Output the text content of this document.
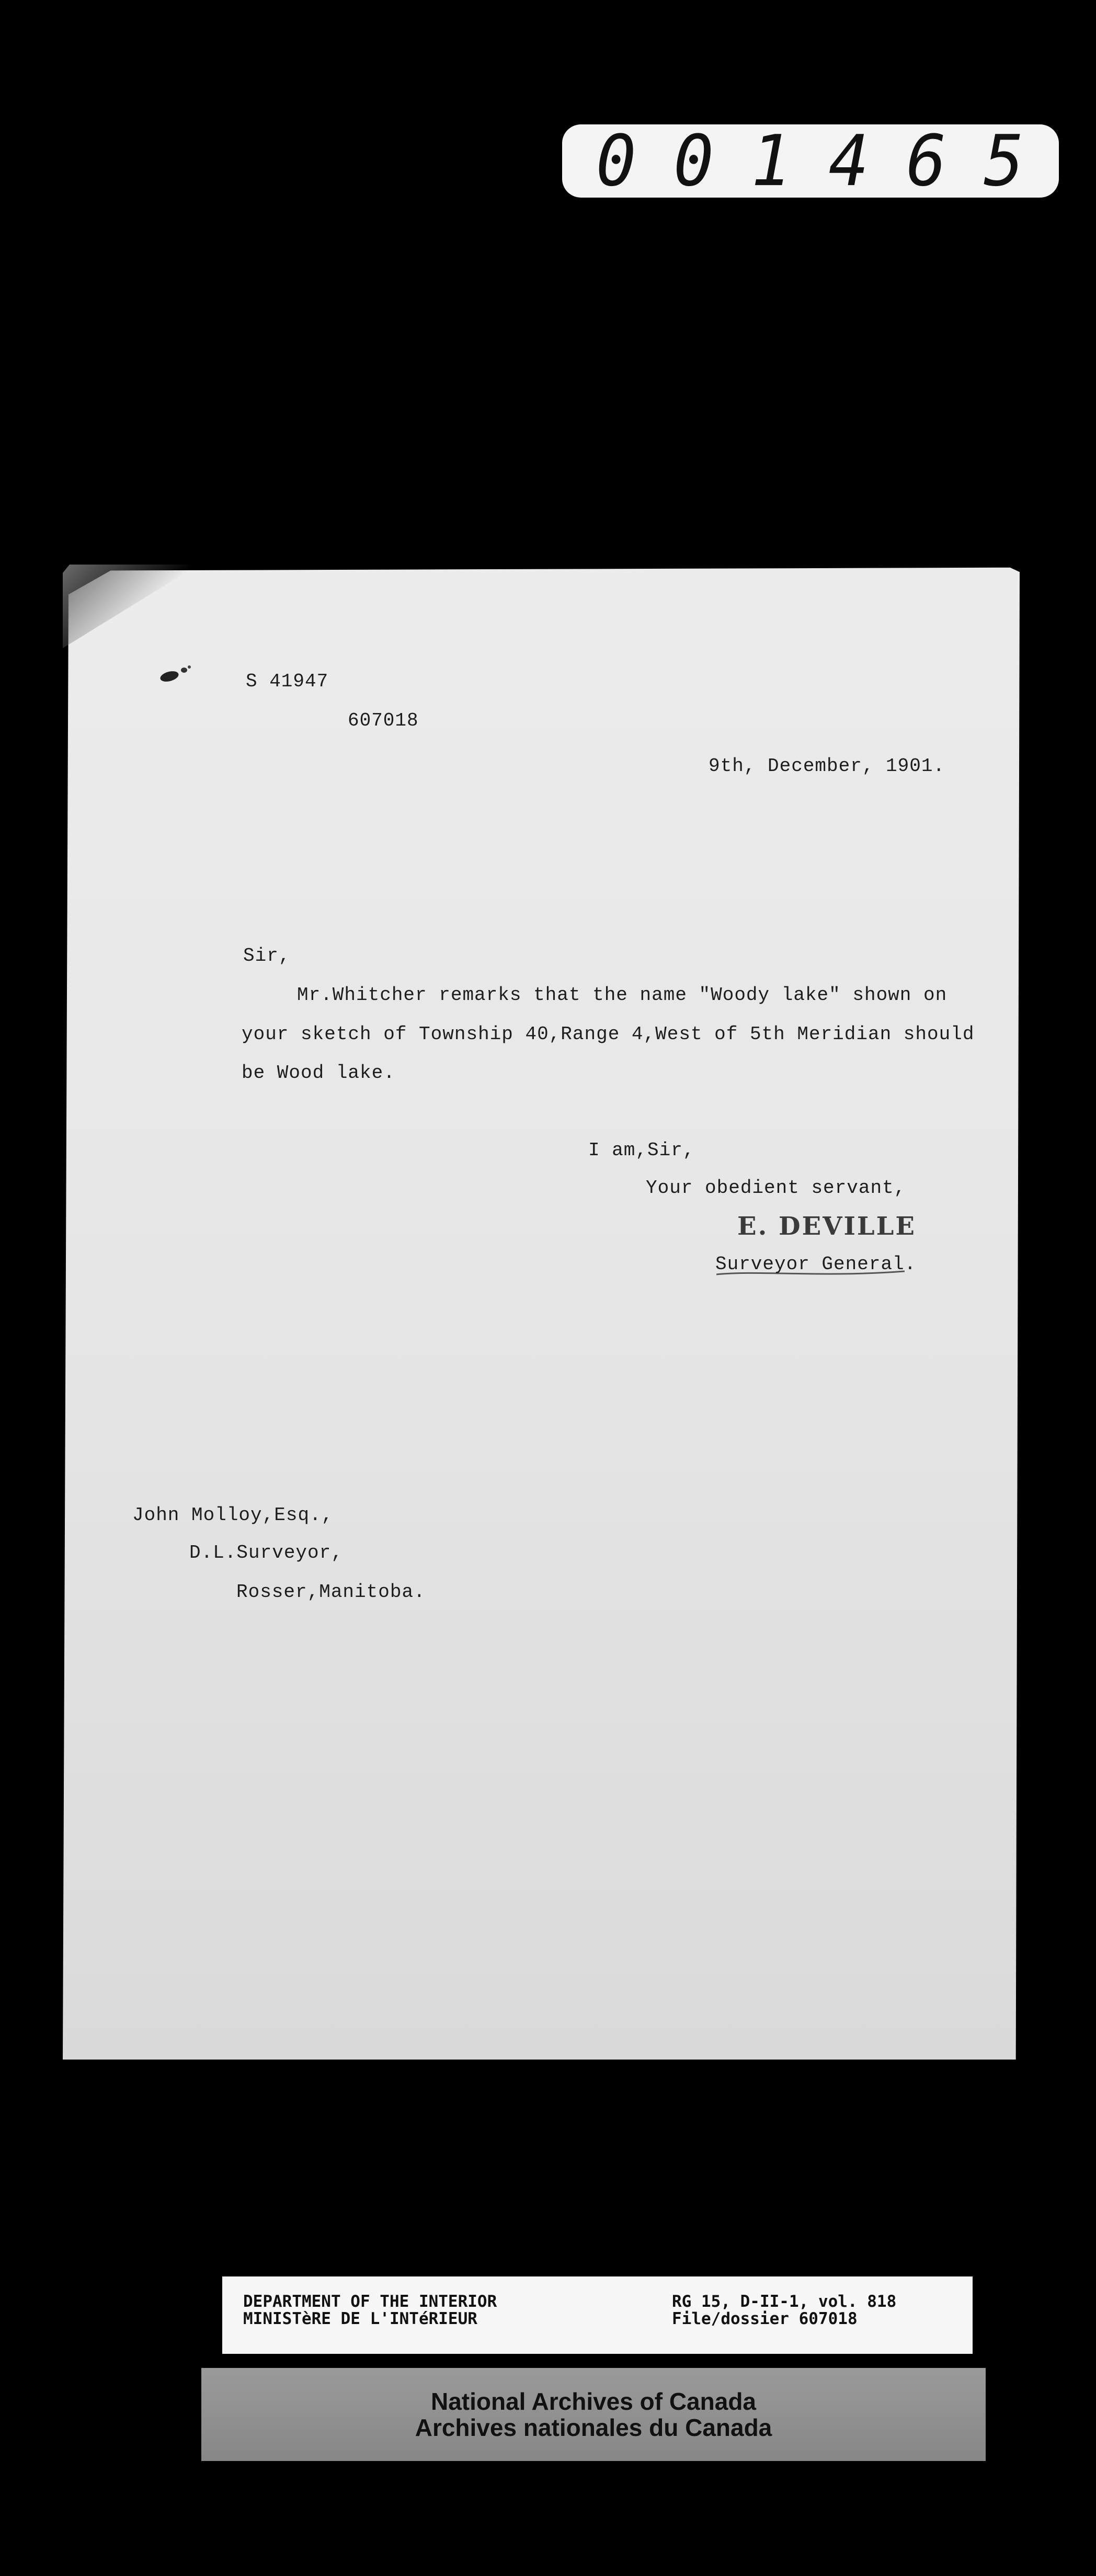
0 0 1 4 6 5
S 41947
607018
9th, December, 1901.
Sir,
Mr.Whitcher remarks that the name "Woody lake" shown on
your sketch of Township 40,Range 4,West of 5th Meridian should
be Wood lake.
I am,Sir,
Your obedient servant,
E. DEVILLE
Surveyor General.
John Molloy,Esq.,
D.L.Surveyor,
Rosser,Manitoba.
DEPARTMENT OF THE INTERIOR
MINISTèRE DE L'INTéRIEUR
RG 15, D-II-1, vol. 818
File/dossier 607018
National Archives of Canada
Archives nationales du Canada
